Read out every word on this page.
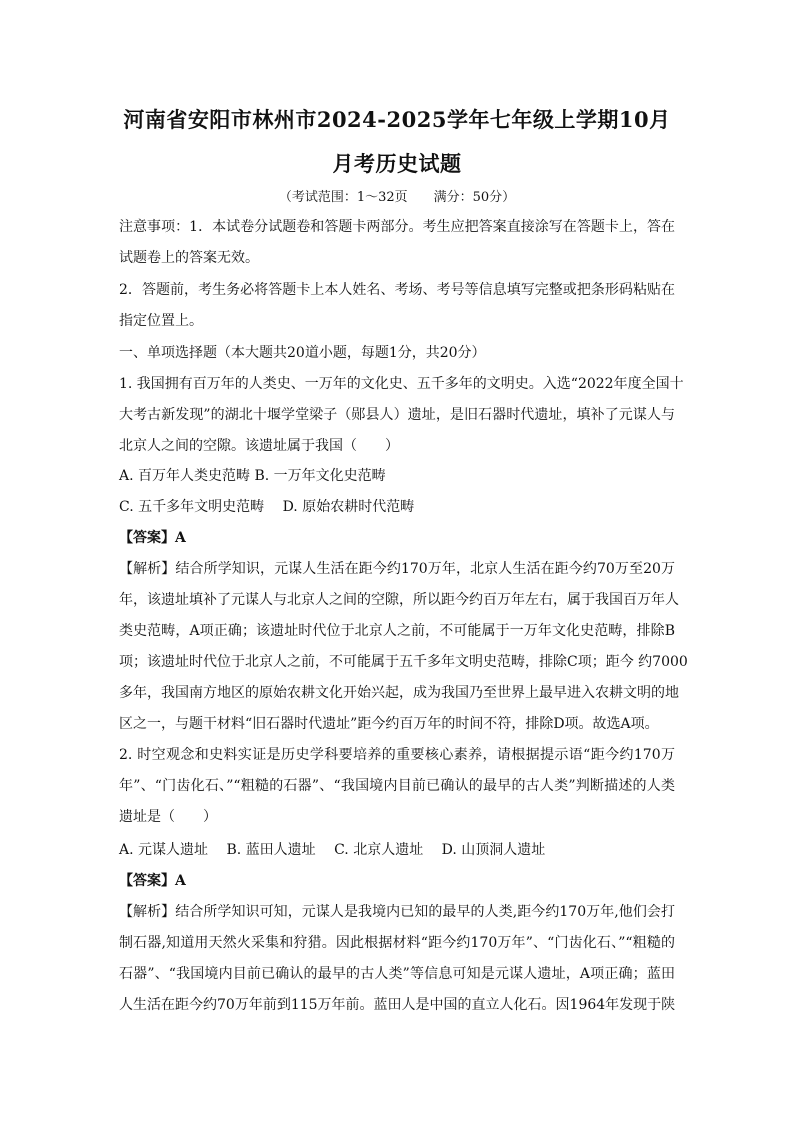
河南省安阳市林州市2024-2025学年七年级上学期10月
月考历史试题
（考试范围：1～32页　　满分：50分）
注意事项：1．本试卷分试题卷和答题卡两部分。考生应把答案直接涂写在答题卡上，答在
试题卷上的答案无效。
2．答题前，考生务必将答题卡上本人姓名、考场、考号等信息填写完整或把条形码粘贴在
指定位置上。
一、单项选择题（本大题共20道小题，每题1分，共20分）
1. 我国拥有百万年的人类史、一万年的文化史、五千多年的文明史。入选“2022年度全国十
大考古新发现”的湖北十堰学堂梁子（郧县人）遗址，是旧石器时代遗址，填补了元谋人与
北京人之间的空隙。该遗址属于我国（　　）
A. 百万年人类史范畴 B. 一万年文化史范畴
C. 五千多年文明史范畴　 D. 原始农耕时代范畴
【答案】A
【解析】结合所学知识，元谋人生活在距今约170万年，北京人生活在距今约70万至20万
年，该遗址填补了元谋人与北京人之间的空隙，所以距今约百万年左右，属于我国百万年人
类史范畴，A项正确；该遗址时代位于北京人之前，不可能属于一万年文化史范畴，排除B
项；该遗址时代位于北京人之前，不可能属于五千多年文明史范畴，排除C项；距今 约7000
多年，我国南方地区的原始农耕文化开始兴起，成为我国乃至世界上最早进入农耕文明的地
区之一，与题干材料“旧石器时代遗址”距今约百万年的时间不符，排除D项。故选A项。
2. 时空观念和史料实证是历史学科要培养的重要核心素养，请根据提示语“距今约170万
年”、“门齿化石、”“粗糙的石器”、“我国境内目前已确认的最早的古人类”判断描述的人类
遗址是（　　）
A. 元谋人遗址　 B. 蓝田人遗址　 C. 北京人遗址　 D. 山顶洞人遗址
【答案】A
【解析】结合所学知识可知，元谋人是我境内已知的最早的人类,距今约170万年,他们会打
制石器,知道用天然火采集和狩猎。因此根据材料“距今约170万年”、“门齿化石、”“粗糙的
石器”、“我国境内目前已确认的最早的古人类”等信息可知是元谋人遗址，A项正确；蓝田
人生活在距今约70万年前到115万年前。蓝田人是中国的直立人化石。因1964年发现于陕
